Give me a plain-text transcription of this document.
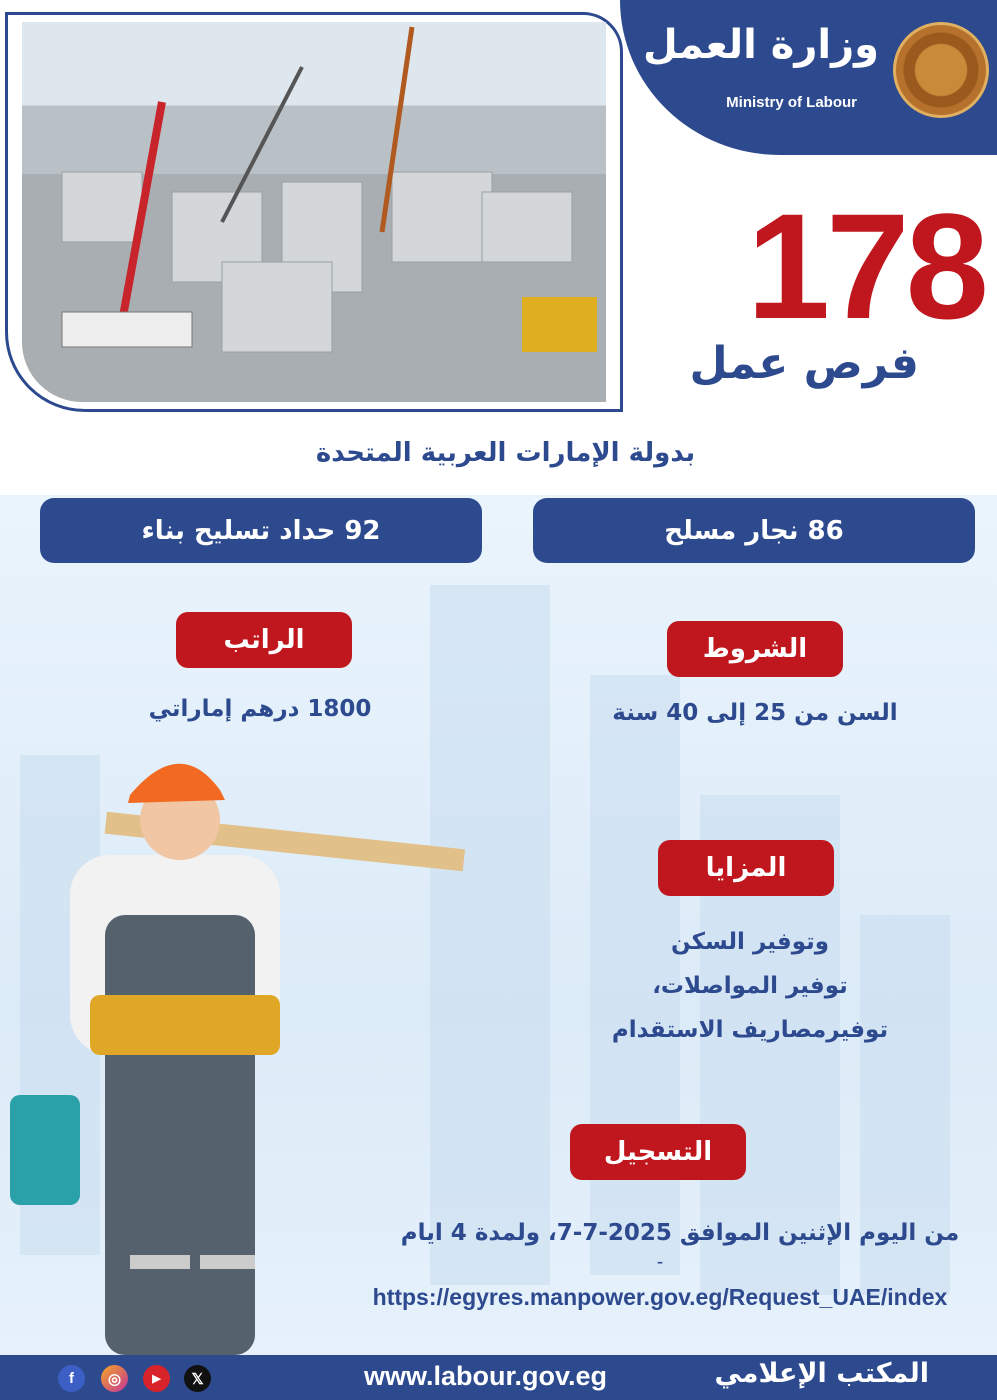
وزارة العمل
Ministry of Labour
178
فرص عمل
بدولة الإمارات العربية المتحدة
86 نجار مسلح
92 حداد تسليح بناء
الراتب
1800 درهم إماراتي
الشروط
السن من 25 إلى 40 سنة
المزايا
وتوفير السكن
توفير المواصلات،
توفيرمصاريف الاستقدام
التسجيل
من اليوم الإثنين الموافق 2025-7-7، ولمدة 4 ايام
–
https://egyres.manpower.gov.eg/Request_UAE/index
f	◎	▶	𝕏	www.labour.gov.eg	المكتب الإعلامي
